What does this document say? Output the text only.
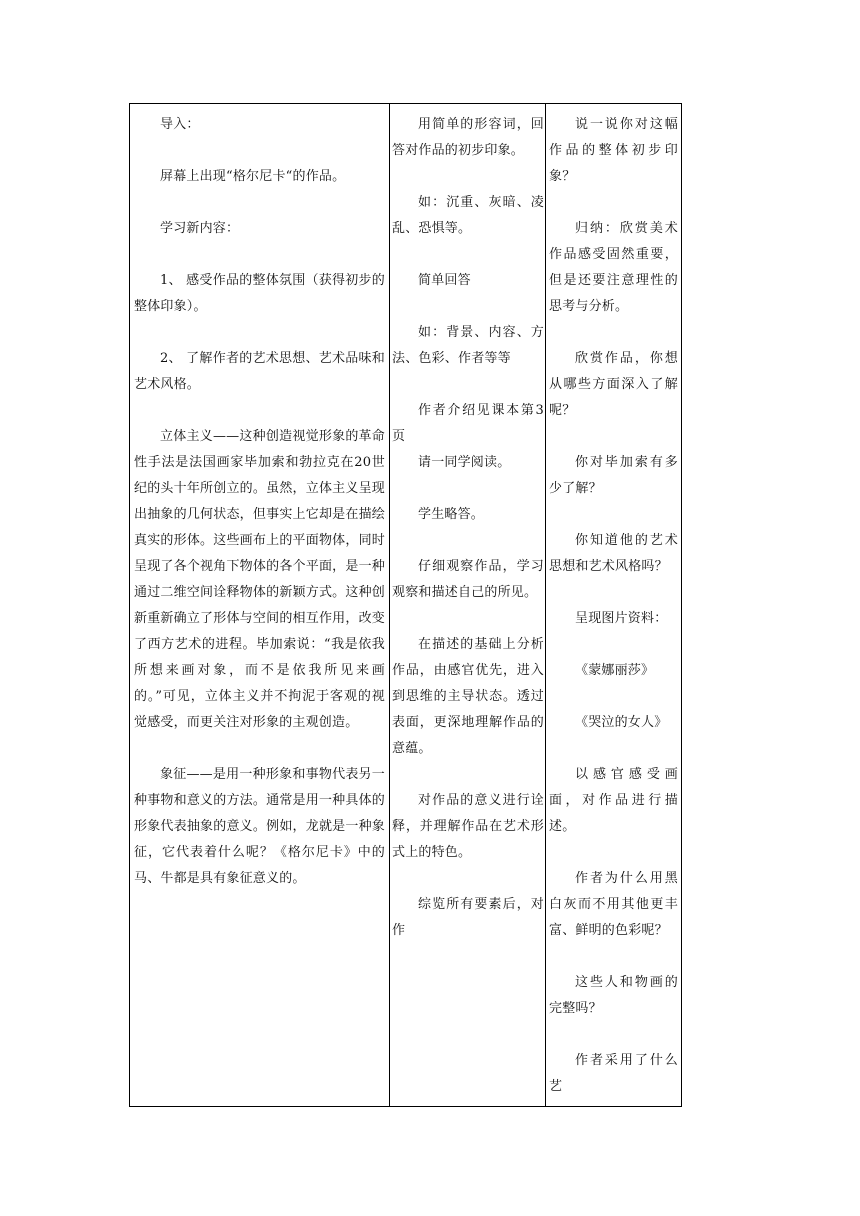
导入：

屏幕上出现“格尔尼卡“的作品。

学习新内容：

1、 感受作品的整体氛围（获得初步的整体印象）。

2、 了解作者的艺术思想、艺术品味和艺术风格。

立体主义——这种创造视觉形象的革命性手法是法国画家毕加索和勃拉克在20世纪的头十年所创立的。虽然，立体主义呈现出抽象的几何状态，但事实上它却是在描绘真实的形体。这些画布上的平面物体，同时呈现了各个视角下物体的各个平面，是一种通过二维空间诠释物体的新颖方式。这种创新重新确立了形体与空间的相互作用，改变了西方艺术的进程。毕加索说：“我是依我所想来画对象，而不是依我所见来画的。”可见，立体主义并不拘泥于客观的视觉感受，而更关注对形象的主观创造。

象征——是用一种形象和事物代表另一种事物和意义的方法。通常是用一种具体的形象代表抽象的意义。例如，龙就是一种象征，它代表着什么呢？《格尔尼卡》中的马、牛都是具有象征意义的。

用简单的形容词，回答对作品的初步印象。

如：沉重、灰暗、凌乱、恐惧等。

简单回答

如：背景、内容、方法、色彩、作者等等

作者介绍见课本第3页

请一同学阅读。

学生略答。

仔细观察作品，学习观察和描述自己的所见。

在描述的基础上分析作品，由感官优先，进入到思维的主导状态。透过表面，更深地理解作品的意蕴。

对作品的意义进行诠释，并理解作品在艺术形式上的特色。

综览所有要素后，对作

说一说你对这幅作品的整体初步印象？

归纳：欣赏美术作品感受固然重要，但是还要注意理性的思考与分析。

欣赏作品，你想从哪些方面深入了解呢？

你对毕加索有多少了解？

你知道他的艺术思想和艺术风格吗？

呈现图片资料：

《蒙娜丽莎》

《哭泣的女人》

以感官感受画面，对作品进行描述。

作者为什么用黑白灰而不用其他更丰富、鲜明的色彩呢？

这些人和物画的完整吗？

作者采用了什么艺
